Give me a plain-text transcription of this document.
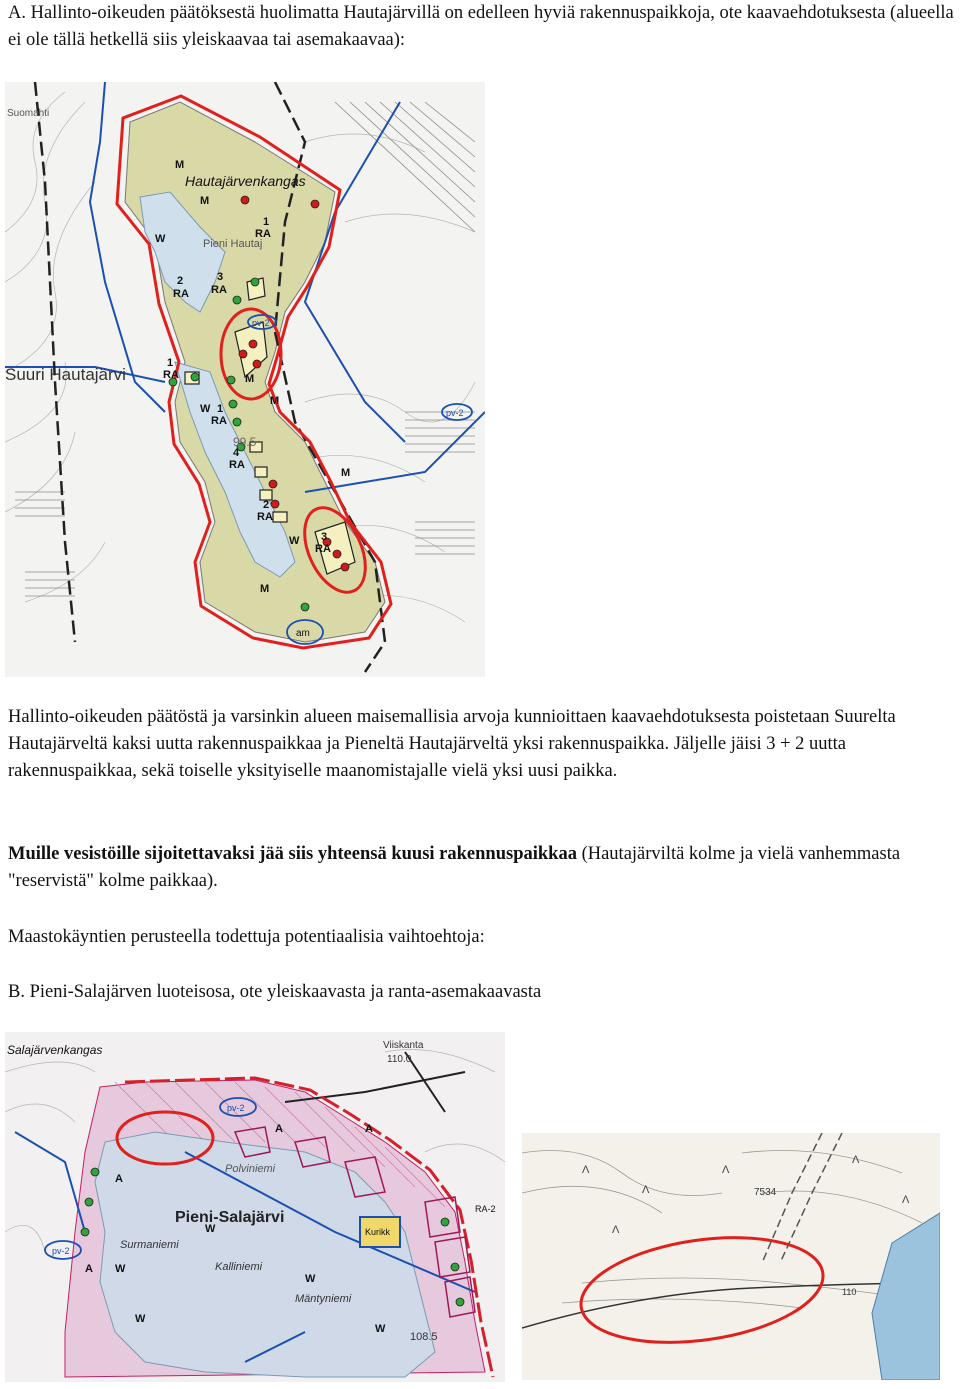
A. Hallinto-oikeuden päätöksestä huolimatta Hautajärvillä on edelleen hyviä rakennuspaikkoja, ote kaavaehdotuksesta (alueella ei ole tällä hetkellä siis yleiskaavaa tai asemakaavaa):

M
M
W
1
RA
2
RA
3
RA
1
RA
W 1
RA
M
4
RA
2
RA
W 3
RA
M
M
M
Hautajärvenkangas
Suuri Hautajärvi
Pieni Hautaj
Suomahti
pv-2
pv-2
am
99.5

Hallinto-oikeuden päätöstä ja varsinkin alueen maisemallisia arvoja kunnioittaen kaavaehdotuksesta poistetaan Suurelta Hautajärveltä kaksi uutta rakennuspaikkaa ja Pieneltä Hautajärveltä yksi rakennuspaikka. Jäljelle jäisi 3 + 2 uutta rakennuspaikkaa, sekä toiselle yksityiselle maanomistajalle vielä yksi uusi paikka.

Muille vesistöille sijoitettavaksi jää siis yhteensä kuusi rakennuspaikkaa (Hautajärviltä kolme ja vielä vanhemmasta "reservistä" kolme paikkaa).

Maastokäyntien perusteella todettuja potentiaalisia vaihtoehtoja:

B. Pieni-Salajärven luoteisosa, ote yleiskaavasta ja ranta-asemakaavasta

A
W
W
W
W
W
A
A	A
Salajärvenkangas
Pieni-Salajärvi
Viiskanta
110.0
Polviniemi
Surmaniemi
Kalliniemi
Mäntyniemi
108.5
Kurikk
pv-2
pv-2
RA-2
Λ
Λ
Λ
Λ
Λ
Λ
7534
110
